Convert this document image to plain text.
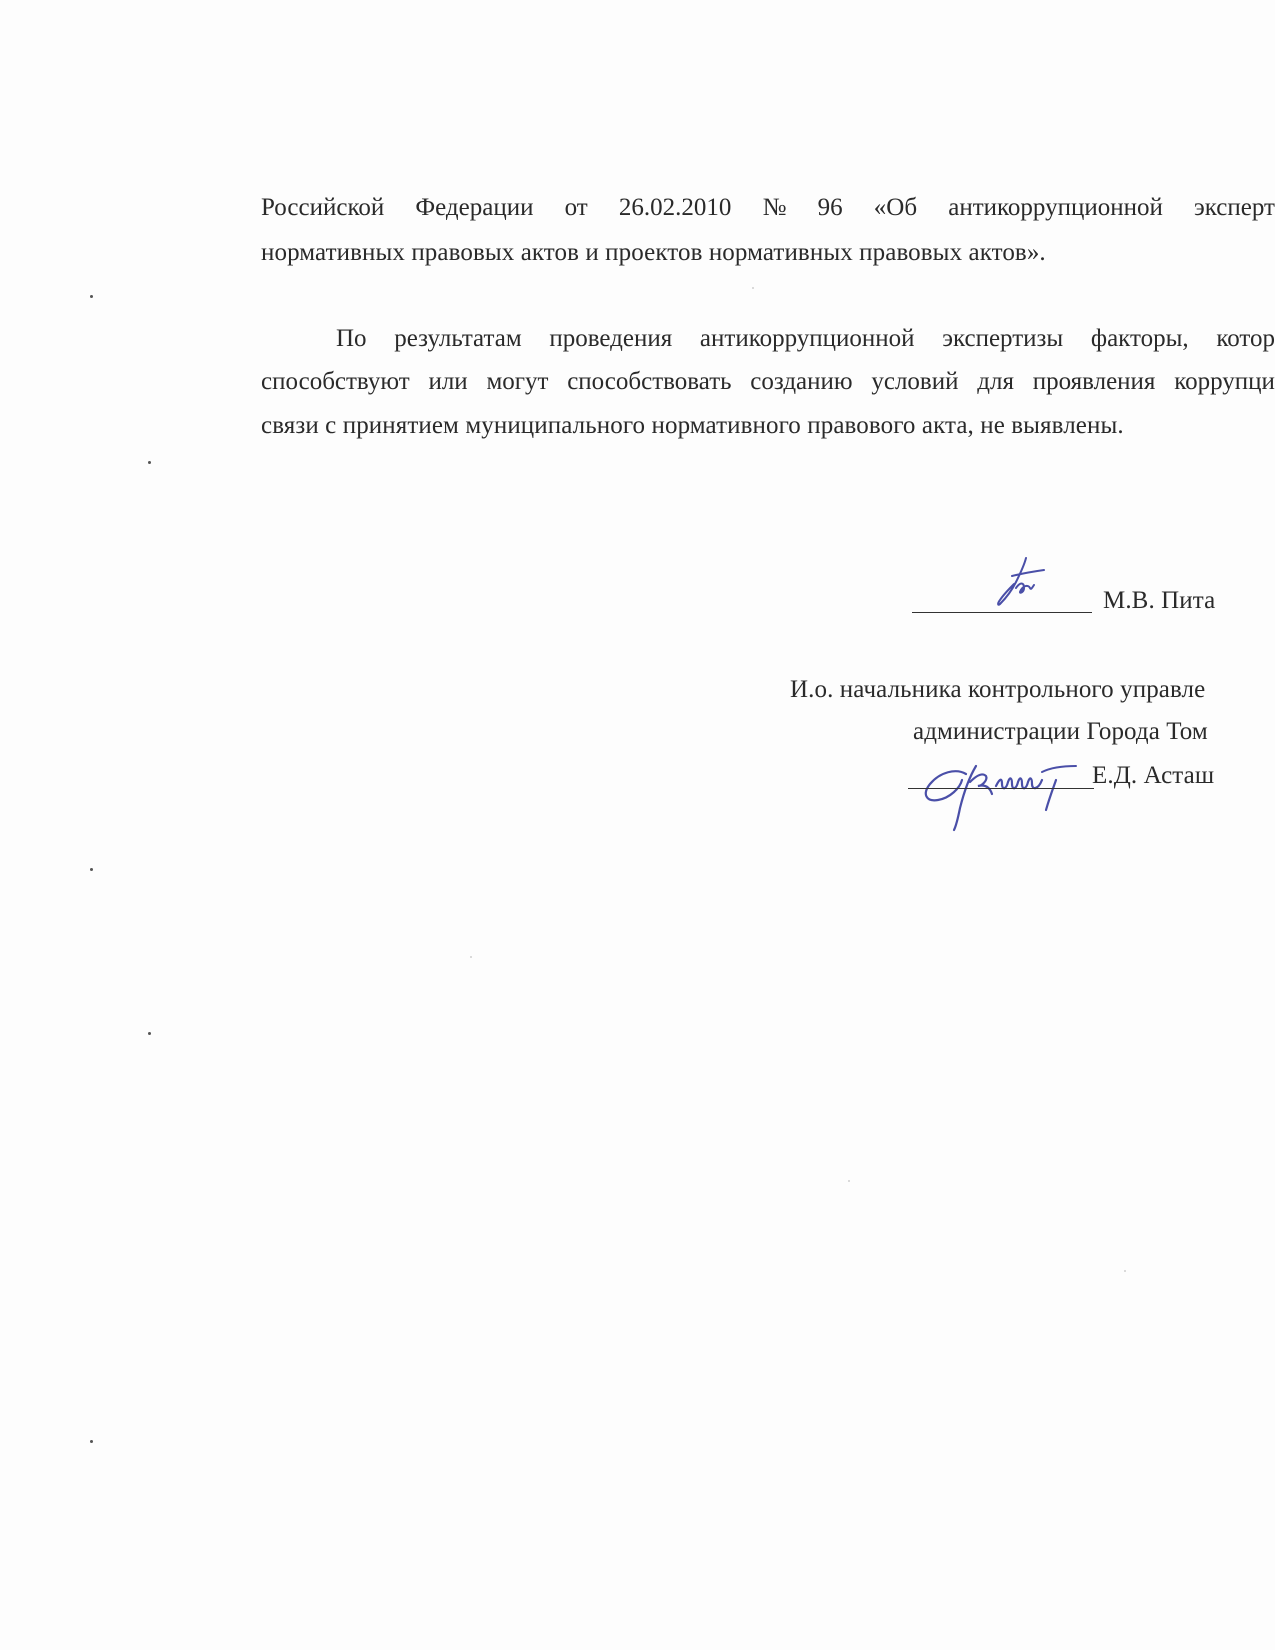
Российской Федерации от 26.02.2010 № 96 «Об антикоррупционной эксперт
нормативных правовых актов и проектов нормативных правовых актов».
По результатам проведения антикоррупционной экспертизы факторы, котор
способствуют или могут способствовать созданию условий для проявления коррупци
связи с принятием муниципального нормативного правового акта, не выявлены.
М.В. Пита
И.о. начальника контрольного управле
администрации Города Том
Е.Д. Асташ
